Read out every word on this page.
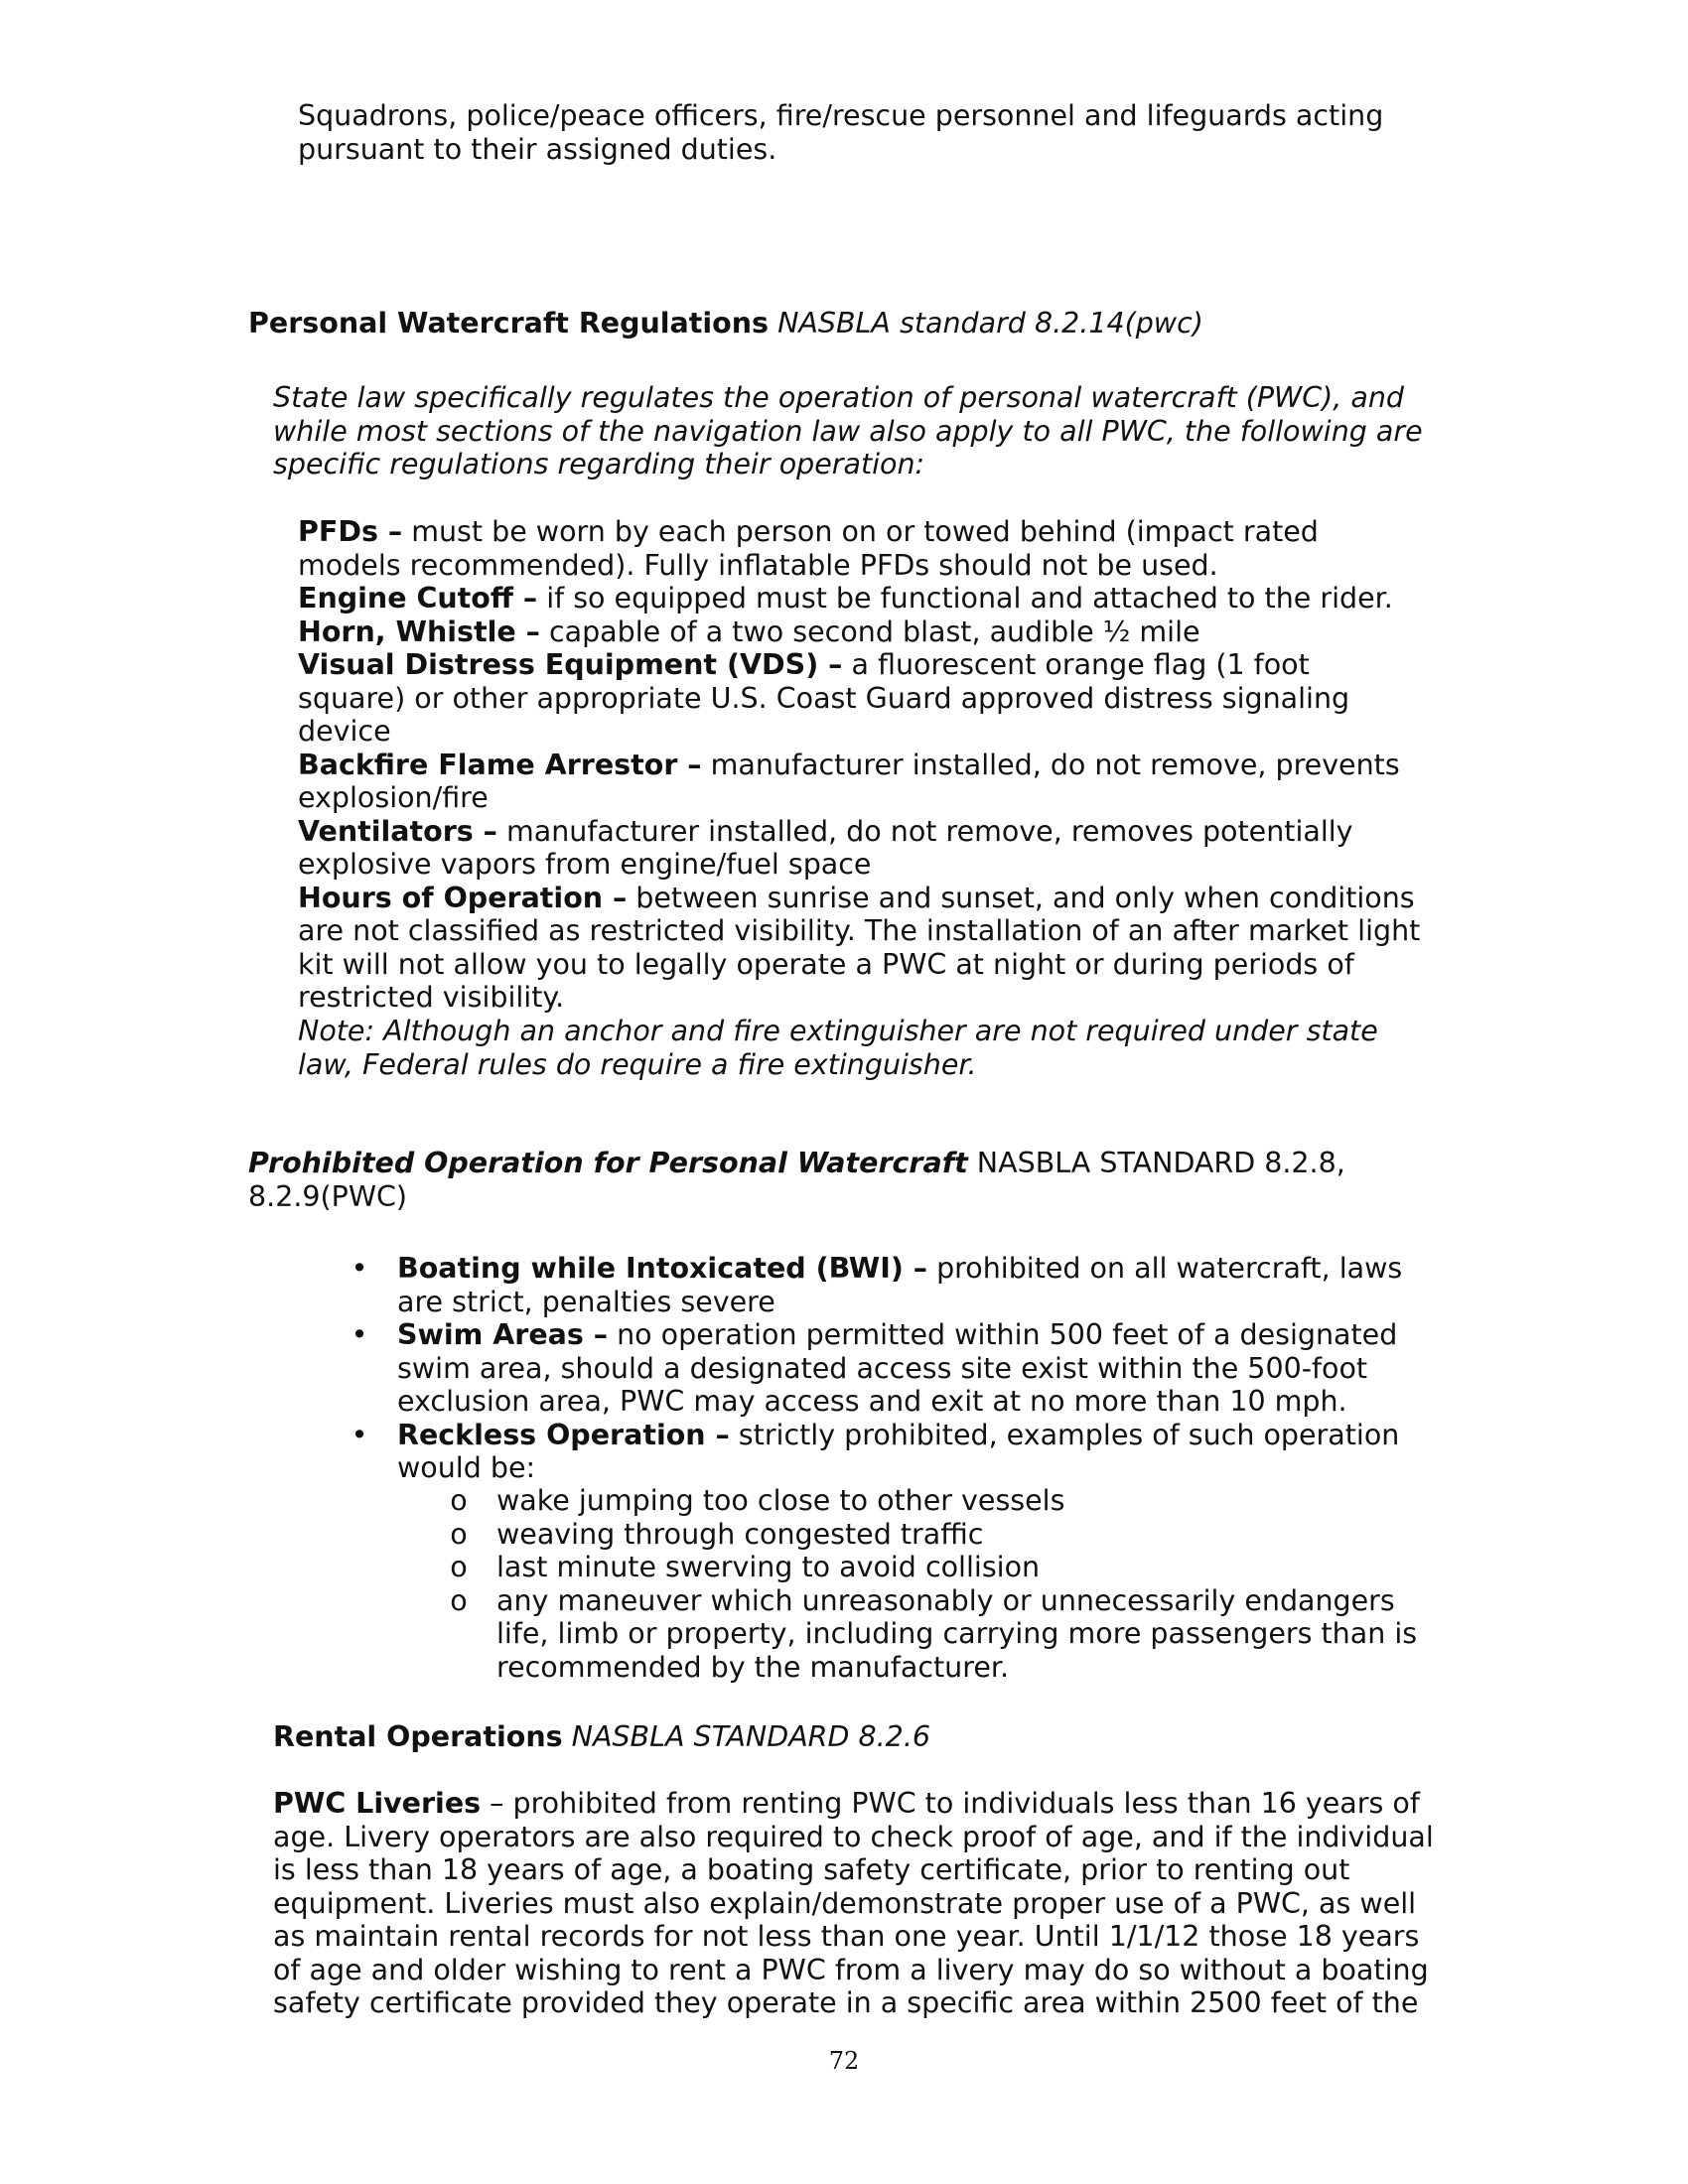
Squadrons, police/peace officers, fire/rescue personnel and lifeguards acting pursuant to their assigned duties.

Personal Watercraft Regulations NASBLA standard 8.2.14(pwc)

State law specifically regulates the operation of personal watercraft (PWC), and while most sections of the navigation law also apply to all PWC, the following are specific regulations regarding their operation:

PFDs – must be worn by each person on or towed behind (impact rated models recommended). Fully inflatable PFDs should not be used.

Engine Cutoff – if so equipped must be functional and attached to the rider.

Horn, Whistle – capable of a two second blast, audible ½ mile

Visual Distress Equipment (VDS) – a fluorescent orange flag (1 foot square) or other appropriate U.S. Coast Guard approved distress signaling device

Backfire Flame Arrestor – manufacturer installed, do not remove, prevents explosion/fire

Ventilators – manufacturer installed, do not remove, removes potentially explosive vapors from engine/fuel space

Hours of Operation – between sunrise and sunset, and only when conditions are not classified as restricted visibility. The installation of an after market light kit will not allow you to legally operate a PWC at night or during periods of restricted visibility.

Note: Although an anchor and fire extinguisher are not required under state law, Federal rules do require a fire extinguisher.

Prohibited Operation for Personal Watercraft NASBLA STANDARD 8.2.8, 8.2.9(PWC)

• Boating while Intoxicated (BWI) – prohibited on all watercraft, laws are strict, penalties severe

• Swim Areas – no operation permitted within 500 feet of a designated swim area, should a designated access site exist within the 500-foot exclusion area, PWC may access and exit at no more than 10 mph.

• Reckless Operation – strictly prohibited, examples of such operation would be:

o wake jumping too close to other vessels

o weaving through congested traffic

o last minute swerving to avoid collision

o any maneuver which unreasonably or unnecessarily endangers life, limb or property, including carrying more passengers than is recommended by the manufacturer.

Rental Operations NASBLA STANDARD 8.2.6

PWC Liveries – prohibited from renting PWC to individuals less than 16 years of age. Livery operators are also required to check proof of age, and if the individual is less than 18 years of age, a boating safety certificate, prior to renting out equipment. Liveries must also explain/demonstrate proper use of a PWC, as well as maintain rental records for not less than one year. Until 1/1/12 those 18 years of age and older wishing to rent a PWC from a livery may do so without a boating safety certificate provided they operate in a specific area within 2500 feet of the

72
